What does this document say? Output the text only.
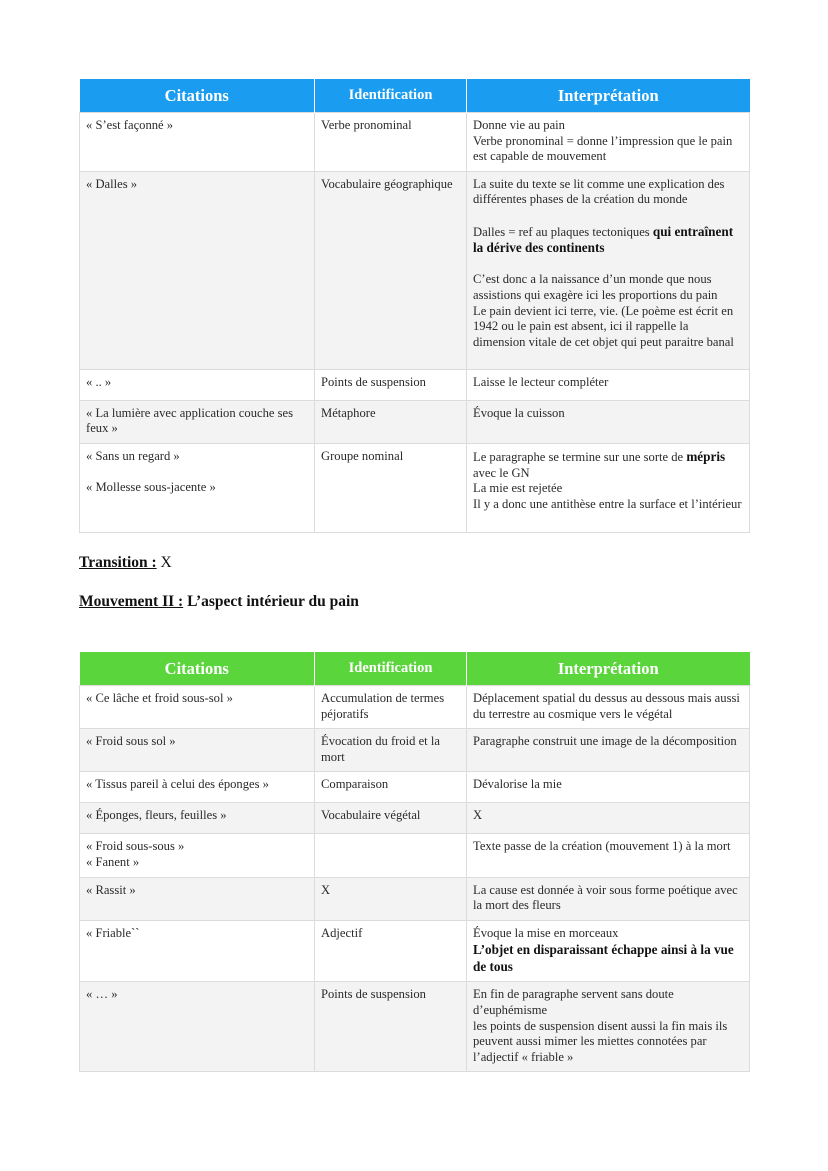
Citations	Identification	Interprétation

« S’est façonné »	Verbe pronominal	Donne vie au pain
Verbe pronominal = donne l’impression que le pain est capable de mouvement

« Dalles »	Vocabulaire géographique	La suite du texte se lit comme une explication des différentes phases de la création du monde
Dalles = ref au plaques tectoniques qui entraînent la dérive des continents
C’est donc a la naissance d’un monde que nous assistions qui exagère ici les proportions du pain
Le pain devient ici terre, vie. (Le poème est écrit en 1942 ou le pain est absent, ici il rappelle la dimension vitale de cet objet qui peut paraitre banal

« .. »	Points de suspension	Laisse le lecteur compléter

« La lumière avec application couche ses feux »	Métaphore	Évoque la cuisson

« Sans un regard »
« Mollesse sous-jacente »	Groupe nominal	Le paragraphe se termine sur une sorte de mépris avec le GN
La mie est rejetée
Il y a donc une antithèse entre la surface et l’intérieur
Transition : X
Mouvement II : L’aspect intérieur du pain
Citations	Identification	Interprétation

« Ce lâche et froid sous-sol »	Accumulation de termes péjoratifs	Déplacement spatial du dessus au dessous mais aussi du terrestre au cosmique vers le végétal

« Froid sous sol »	Évocation du froid et la mort	Paragraphe construit une image de la décomposition

« Tissus pareil à celui des éponges »	Comparaison	Dévalorise la mie

« Éponges, fleurs, feuilles »	Vocabulaire végétal	X

« Froid sous-sous »
« Fanent »		Texte passe de la création (mouvement 1) à la mort

« Rassit »	X	La cause est donnée à voir sous forme poétique avec la mort des fleurs

« Friable``	Adjectif	Évoque la mise en morceaux
L’objet en disparaissant échappe ainsi à la vue de tous

« … »	Points de suspension	En fin de paragraphe servent sans doute d’euphémisme
les points de suspension disent aussi la fin mais ils peuvent aussi mimer les miettes connotées par l’adjectif « friable »
